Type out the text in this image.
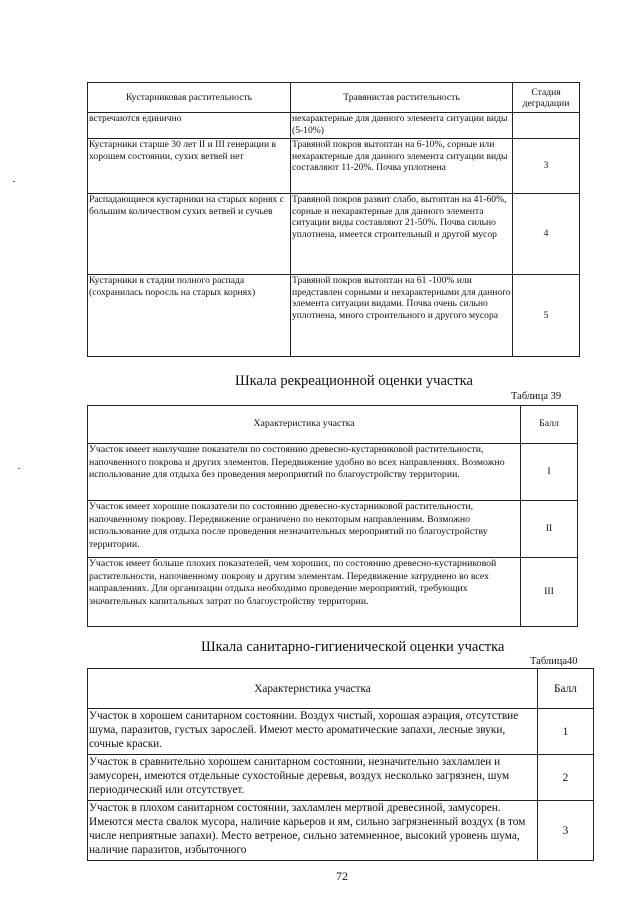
Кустарниковая растительность	Травянистая растительность	Стадия деградации
встречаются единично	нехарактерные для данного элемента ситуации виды (5-10%)	
Кустарники старше 30 лет II и III генерации в хорошем состоянии, сухих ветвей нет	Травяной покров вытоптан на 6-10%, сорные или нехарактерные для данного элемента ситуации виды составляют 11-20%. Почва уплотнена	3
Распадающиеся кустарники на старых корнях с большим количеством сухих ветвей и сучьев	Травяной покров развит слабо, вытоптан на 41-60%, сорные и нехарактерные для данного элемента ситуации виды составляют 21-50%. Почва сильно уплотнена, имеется строительный и другой мусор	4
Кустарники в стадии полного распада (сохранилась поросль на старых корнях)	Травяной покров вытоптан на 61 -100% или представлен сорными и нехарактерными для данного элемента ситуации видами. Почва очень сильно уплотнена, много строительного и другого мусора	5
Шкала рекреационной оценки участка
Таблица 39
Характеристика участка	Балл
Участок имеет наилучшие показатели по состоянию древесно-кустарниковой растительности, напочвенного покрова и других элементов. Передвижение удобно во всех направлениях. Возможно использование для отдыха без проведения мероприятий по благоустройству территории.	I
Участок имеет хорошие показатели по состоянию древесно-кустарниковой растительности, напочвенному покрову. Передвижение ограничено по некоторым направлениям. Возможно использование для отдыха после проведения незначительных мероприятий по благоустройству территории.	II
Участок имеет больше плохих показателей, чем хороших, по состоянию древесно-кустарниковой растительности, напочвенному покрову и другим элементам. Передвижение затруднено во всех направлениях. Для организации отдыха необходимо проведение мероприятий, требующих значительных капитальных затрат по благоустройству территории.	III
Шкала санитарно-гигиенической оценки участка
Таблица40
Характеристика участка	Балл
Участок в хорошем санитарном состоянии. Воздух чистый, хорошая аэрация, отсутствие шума, паразитов, густых зарослей. Имеют место ароматические запахи, лесные звуки, сочные краски.	1
Участок в сравнительно хорошем санитарном состоянии, незначительно захламлен и замусорен, имеются отдельные сухостойные деревья, воздух несколько загрязнен, шум периодический или отсутствует.	2
Участок в плохом санитарном состоянии, захламлен мертвой древесиной, замусорен. Имеются места свалок мусора, наличие карьеров и ям, сильно загрязненный воздух (в том числе неприятные запахи). Место ветреное, сильно затемненное, высокий уровень шума, наличие паразитов, избыточного	3
72
